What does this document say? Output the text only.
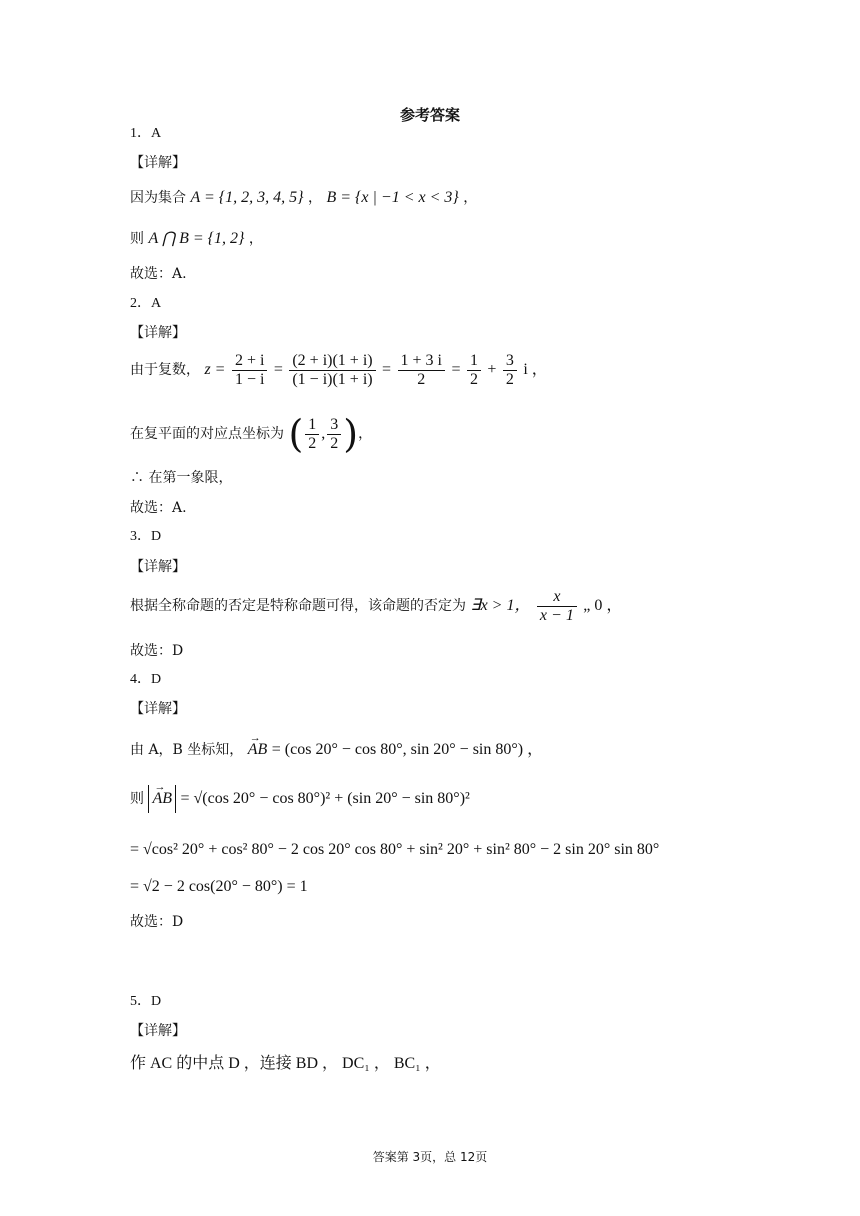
参考答案
1．A
【详解】
因为集合 A = {1, 2, 3, 4, 5} ， B = {x | −1 < x < 3} ，
则 A ⋂ B = {1, 2} ，
故选：A.
2．A
【详解】
由于复数， $z = \frac{2 + i}{1 - i} = \frac{(2 + i)(1 + i)}{(1 - i)(1 + i)} = \frac{1 + 3 i}{2} = \frac{1}{2} + \frac{3}{2}$ i ，
在复平面的对应点坐标为 ( $\frac{1}{2}$ , $\frac{3}{2}$ )，
∴ 在第一象限，
故选：A.
3．D
【详解】
根据全称命题的否定是特称命题可得，该命题的否定为 ∃x > 1， $\frac{x}{x - 1}$ „ 0 ，
故选：D
4．D
【详解】
由 A，B 坐标知， → AB = (cos 20° − cos 80°, sin 20° − sin 80°) ，
则 → AB = √(cos 20° − cos 80°)² + (sin 20° − sin 80°)²
= √cos² 20° + cos² 80° − 2 cos 20° cos 80° + sin² 20° + sin² 80° − 2 sin 20° sin 80°
= √2 − 2 cos(20° − 80°) = 1
故选：D
5．D
【详解】
作 AC 的中点 D ，连接 BD ， DC₁ ， BC₁ ，
答案第 3页，总 12页
